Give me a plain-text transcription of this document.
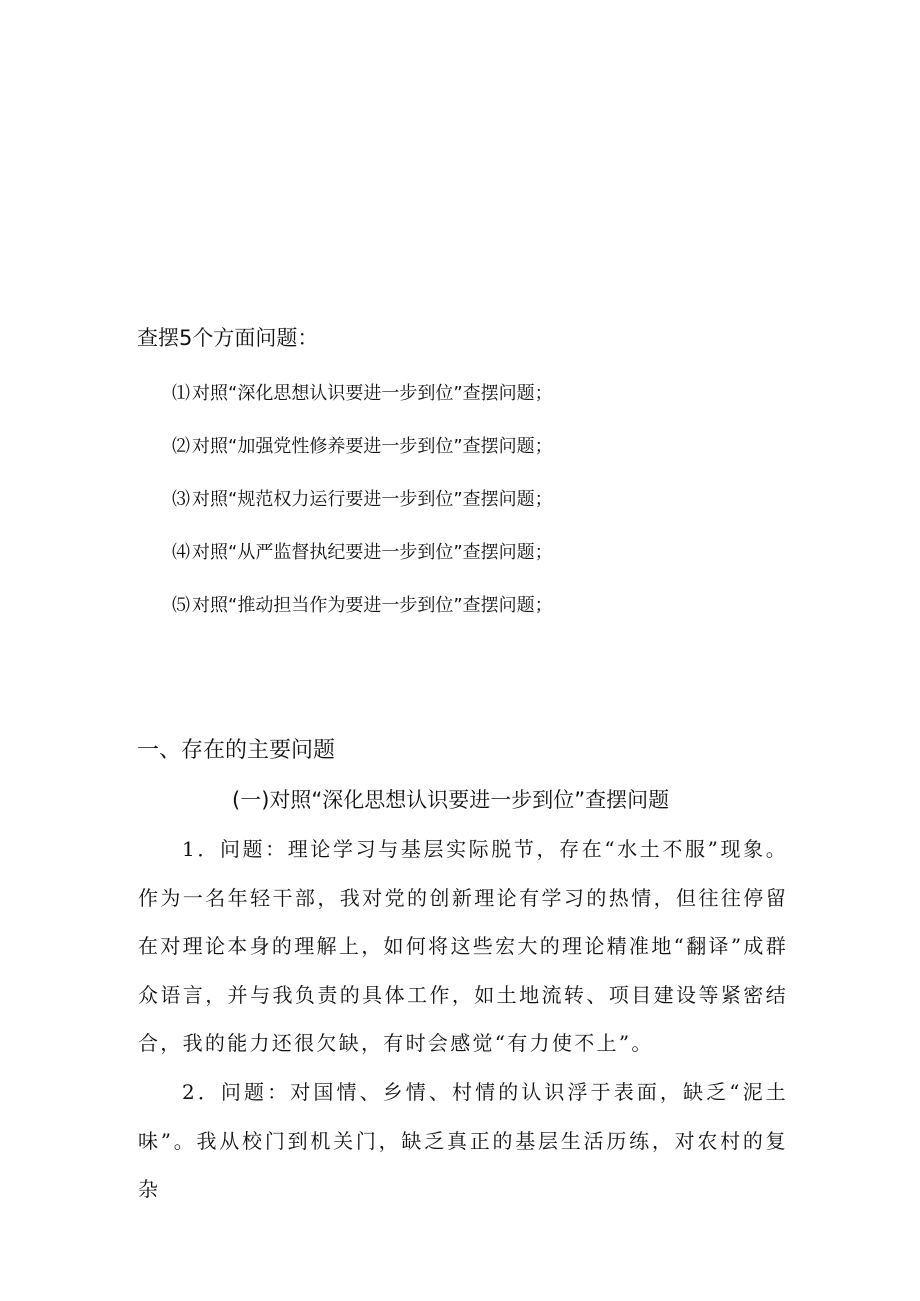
查摆5个方面问题：
⑴ 对照“深化思想认识要进一步到位”查摆问题；
⑵ 对照“加强党性修养要进一步到位”查摆问题；
⑶ 对照“规范权力运行要进一步到位”查摆问题；
⑷ 对照“从严监督执纪要进一步到位”查摆问题；
⑸ 对照“推动担当作为要进一步到位”查摆问题；
一、存在的主要问题
(一)对照“深化思想认识要进一步到位”查摆问题

1．问题：理论学习与基层实际脱节，存在“水土不服”现象。作为一名年轻干部，我对党的创新理论有学习的热情，但往往停留在对理论本身的理解上，如何将这些宏大的理论精准地“翻译”成群众语言，并与我负责的具体工作，如土地流转、项目建设等紧密结合，我的能力还很欠缺，有时会感觉“有力使不上”。

2．问题：对国情、乡情、村情的认识浮于表面，缺乏“泥土味”。我从校门到机关门，缺乏真正的基层生活历练，对农村的复杂
